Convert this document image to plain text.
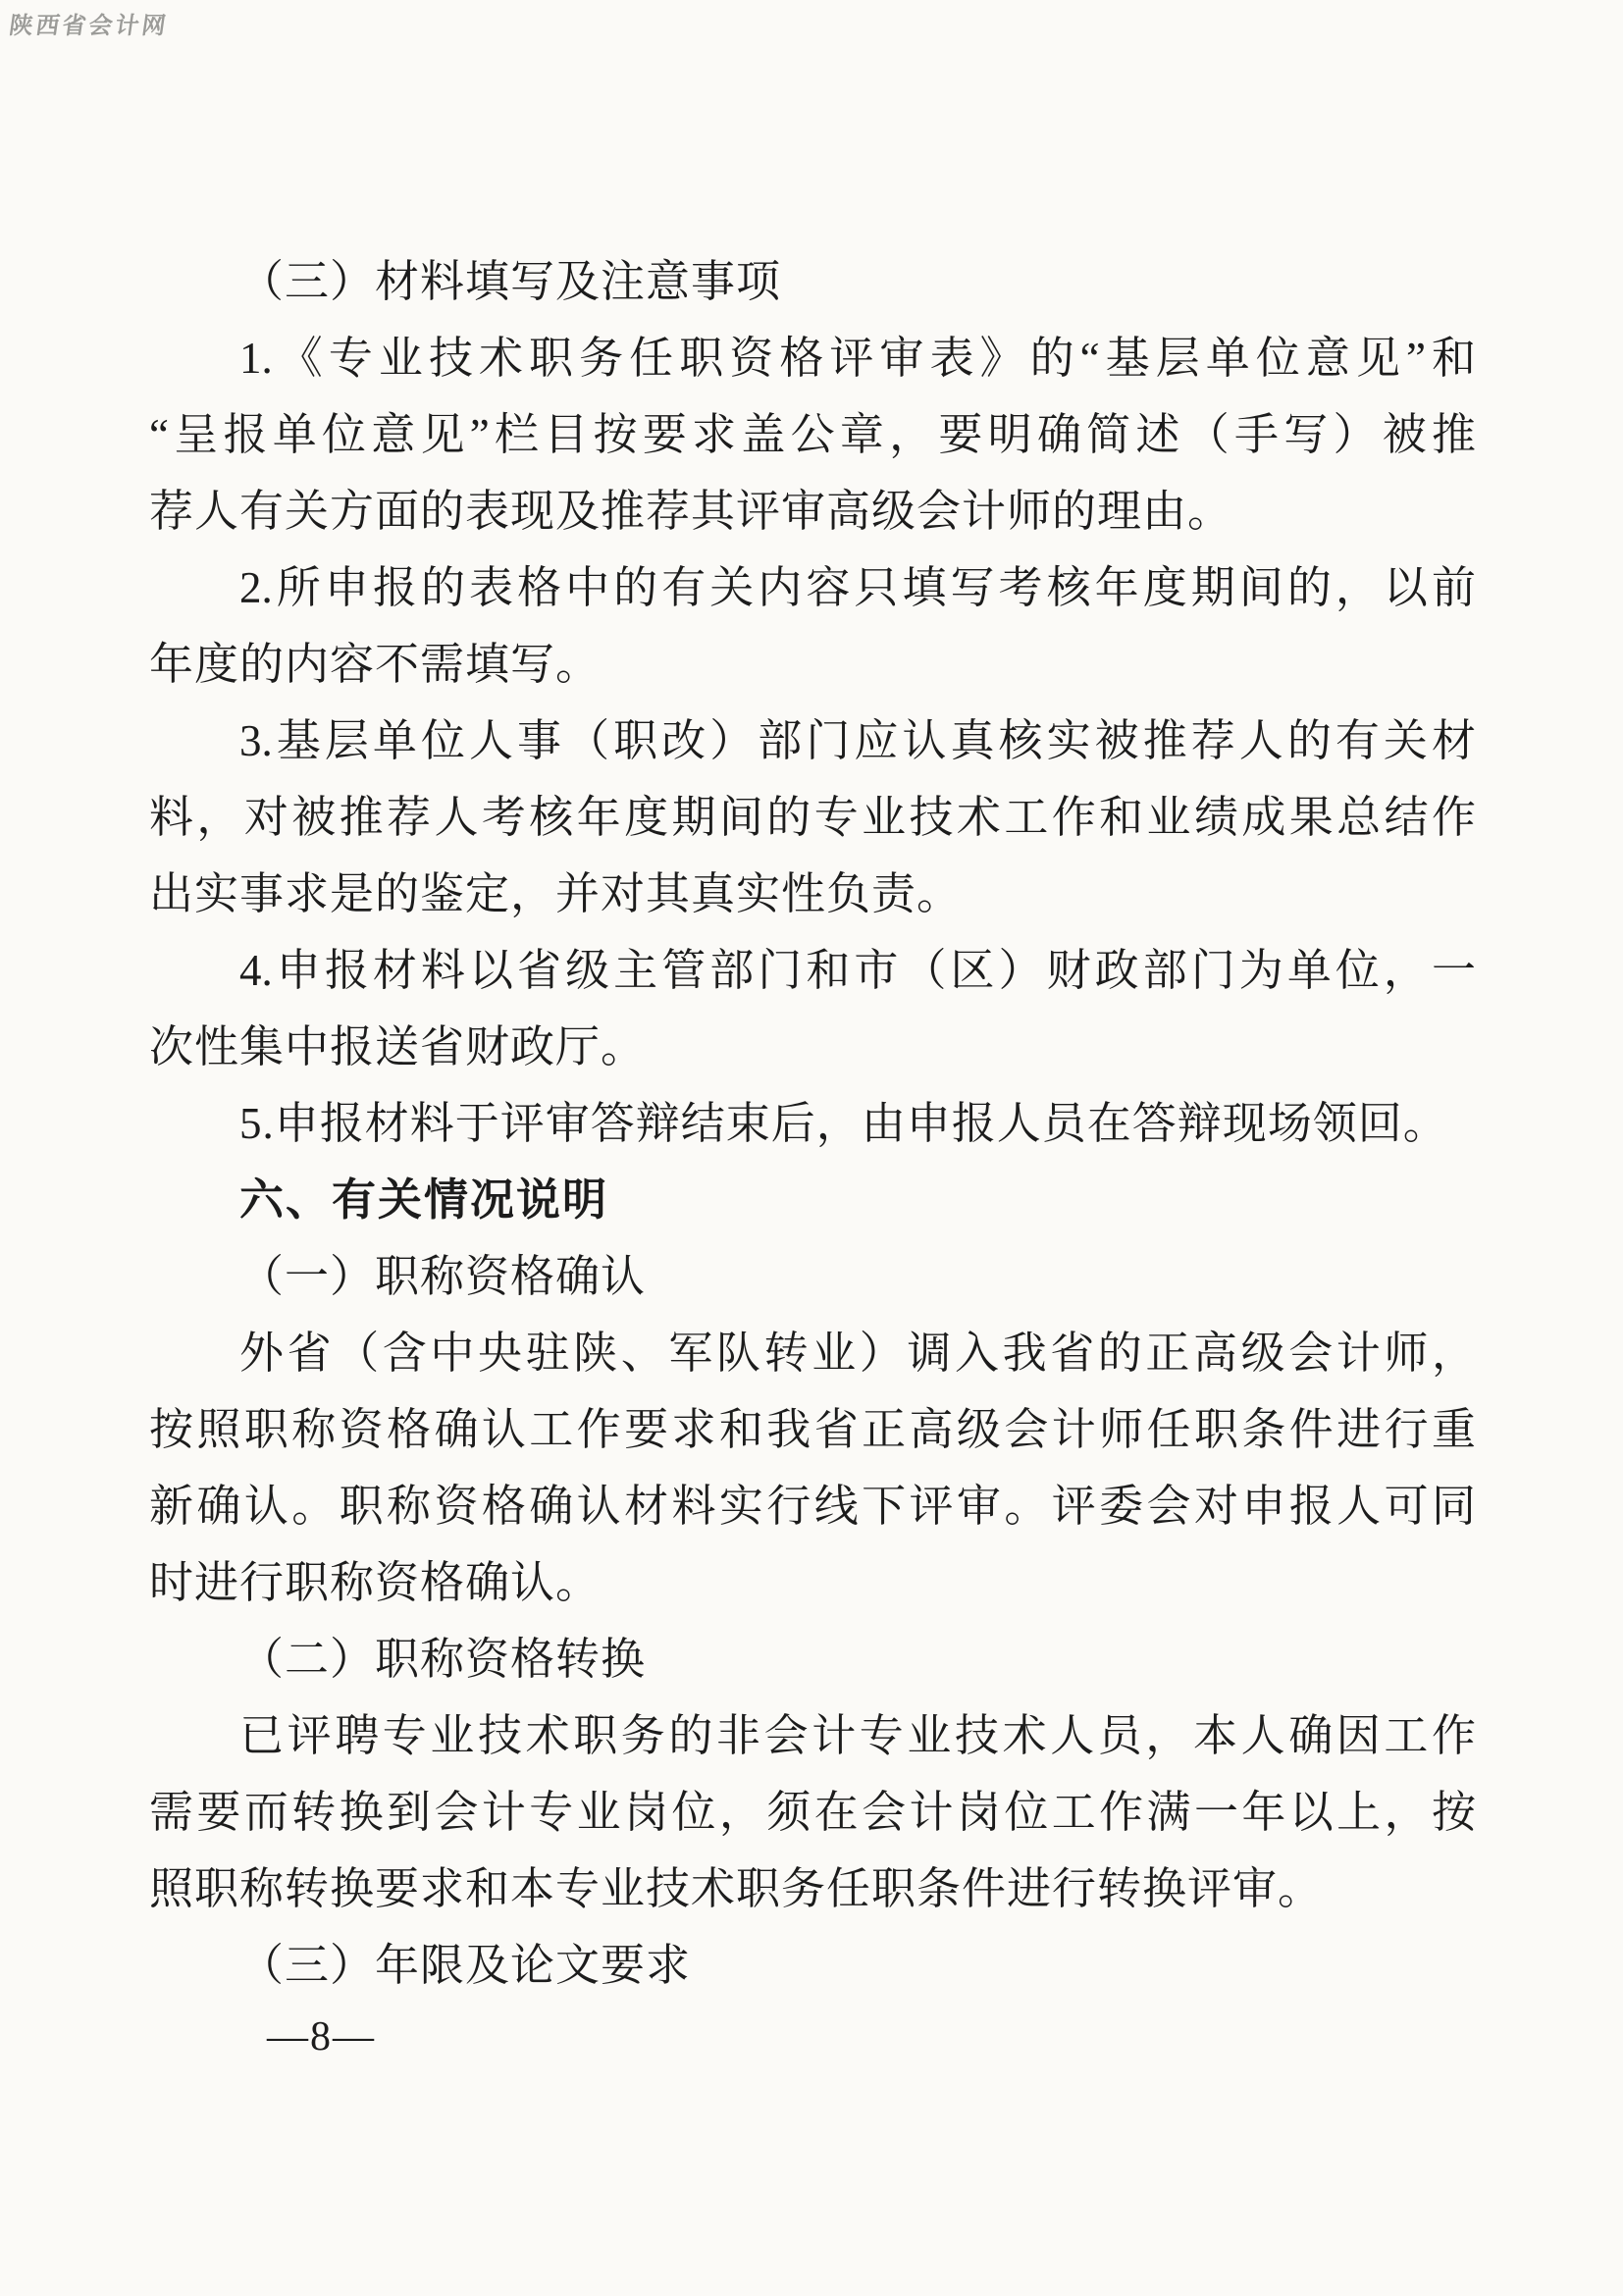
陕西省会计网
（三）材料填写及注意事项
1.《专业技术职务任职资格评审表》的“基层单位意见”和
“呈报单位意见”栏目按要求盖公章，要明确简述（手写）被推
荐人有关方面的表现及推荐其评审高级会计师的理由。
2.所申报的表格中的有关内容只填写考核年度期间的，以前
年度的内容不需填写。
3.基层单位人事（职改）部门应认真核实被推荐人的有关材
料，对被推荐人考核年度期间的专业技术工作和业绩成果总结作
出实事求是的鉴定，并对其真实性负责。
4.申报材料以省级主管部门和市（区）财政部门为单位，一
次性集中报送省财政厅。
5.申报材料于评审答辩结束后，由申报人员在答辩现场领回。
六、有关情况说明
（一）职称资格确认
外省（含中央驻陕、军队转业）调入我省的正高级会计师，
按照职称资格确认工作要求和我省正高级会计师任职条件进行重
新确认。职称资格确认材料实行线下评审。评委会对申报人可同
时进行职称资格确认。
（二）职称资格转换
已评聘专业技术职务的非会计专业技术人员，本人确因工作
需要而转换到会计专业岗位，须在会计岗位工作满一年以上，按
照职称转换要求和本专业技术职务任职条件进行转换评审。
（三）年限及论文要求
—8—
